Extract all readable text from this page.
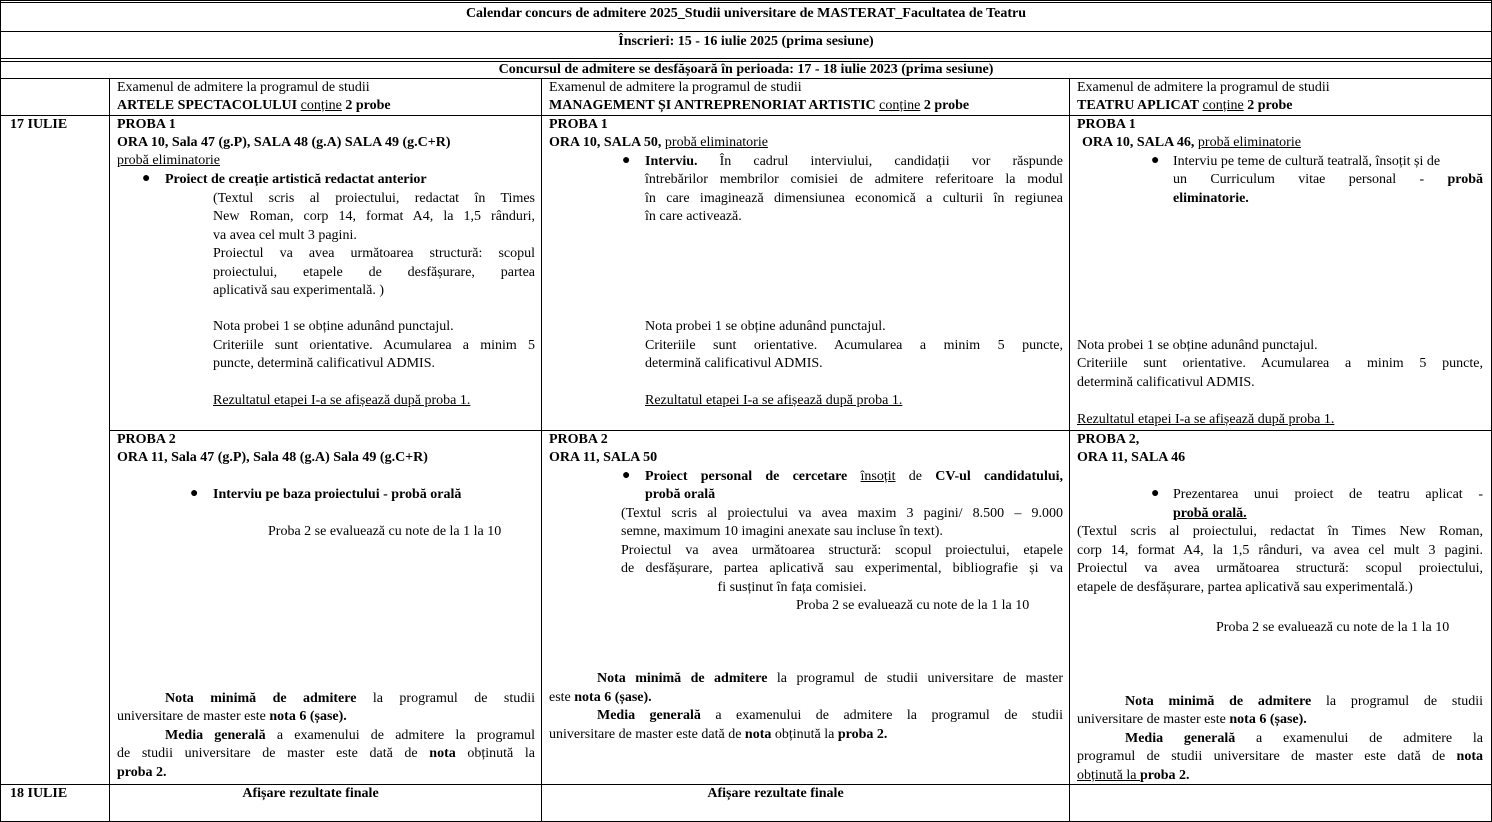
Calendar concurs de admitere 2025_Studii universitare de MASTERAT_Facultatea de Teatru
Înscrieri: 15 - 16 iulie 2025 (prima sesiune)
Concursul de admitere se desfășoară în perioada: 17 - 18 iulie 2023 (prima sesiune)
Examenul de admitere la programul de studii
ARTELE SPECTACOLULUI conține 2 probe
Examenul de admitere la programul de studii
MANAGEMENT ȘI ANTREPRENORIAT ARTISTIC conține 2 probe
Examenul de admitere la programul de studii
TEATRU APLICAT conține 2 probe
17 IULIE
18 IULIE
PROBA 1
ORA 10, Sala 47 (g.P), SALA 48 (g.A) SALA 49 (g.C+R)
probă eliminatorie
● Proiect de creație artistică redactat anterior
(Textul scris al proiectului, redactat în Times
New Roman, corp 14, format A4, la 1,5 rânduri,
va avea cel mult 3 pagini.
Proiectul va avea următoarea structură: scopul
proiectului, etapele de desfășurare, partea
aplicativă sau experimentală. )
Nota probei 1 se obține adunând punctajul.
Criteriile sunt orientative. Acumularea a minim 5
puncte, determină calificativul ADMIS.
Rezultatul etapei I-a se afișează după proba 1.
PROBA 2
ORA 11, Sala 47 (g.P), Sala 48 (g.A) Sala 49 (g.C+R)
● Interviu pe baza proiectului - probă orală
Proba 2 se evaluează cu note de la 1 la 10
Nota minimă de admitere la programul de studii
universitare de master este nota 6 (șase).
Media generală a examenului de admitere la programul
de studii universitare de master este dată de nota obținută la
proba 2.
Afișare rezultate finale
PROBA 1
ORA 10, SALA 50, probă eliminatorie
● Interviu. În cadrul interviului, candidații vor răspunde
întrebărilor membrilor comisiei de admitere referitoare la modul
în care imaginează dimensiunea economică a culturii în regiunea
în care activează.
Nota probei 1 se obține adunând punctajul.
Criteriile sunt orientative. Acumularea a minim 5 puncte,
determină calificativul ADMIS.
Rezultatul etapei I-a se afișează după proba 1.
PROBA 2
ORA 11, SALA 50
● Proiect personal de cercetare însoțit de CV-ul candidatului,
probă orală
(Textul scris al proiectului va avea maxim 3 pagini/ 8.500 – 9.000
semne, maximum 10 imagini anexate sau incluse în text).
Proiectul va avea următoarea structură: scopul proiectului, etapele
de desfășurare, partea aplicativă sau experimental, bibliografie și va
fi susținut în fața comisiei.
Proba 2 se evaluează cu note de la 1 la 10
Nota minimă de admitere la programul de studii universitare de master
este nota 6 (șase).
Media generală a examenului de admitere la programul de studii
universitare de master este dată de nota obținută la proba 2.
Afișare rezultate finale
PROBA 1
ORA 10, SALA 46, probă eliminatorie
● Interviu pe teme de cultură teatrală, însoțit și de
un Curriculum vitae personal - probă
eliminatorie.
Nota probei 1 se obține adunând punctajul.
Criteriile sunt orientative. Acumularea a minim 5 puncte,
determină calificativul ADMIS.
Rezultatul etapei I-a se afișează după proba 1.
PROBA 2,
ORA 11, SALA 46
● Prezentarea unui proiect de teatru aplicat -
probă orală.
(Textul scris al proiectului, redactat în Times New Roman,
corp 14, format A4, la 1,5 rânduri, va avea cel mult 3 pagini.
Proiectul va avea următoarea structură: scopul proiectului,
etapele de desfășurare, partea aplicativă sau experimentală.)
Proba 2 se evaluează cu note de la 1 la 10
Nota minimă de admitere la programul de studii
universitare de master este nota 6 (șase).
Media generală a examenului de admitere la
programul de studii universitare de master este dată de nota
obținută la proba 2.
